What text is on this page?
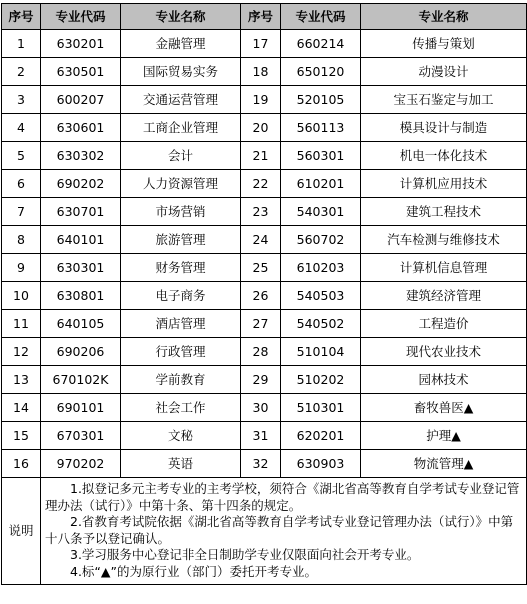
序号	专业代码	专业名称	序号	专业代码	专业名称
1	630201	金融管理	17	660214	传播与策划
2	630501	国际贸易实务	18	650120	动漫设计
3	600207	交通运营管理	19	520105	宝玉石鉴定与加工
4	630601	工商企业管理	20	560113	模具设计与制造
5	630302	会计	21	560301	机电一体化技术
6	690202	人力资源管理	22	610201	计算机应用技术
7	630701	市场营销	23	540301	建筑工程技术
8	640101	旅游管理	24	560702	汽车检测与维修技术
9	630301	财务管理	25	610203	计算机信息管理
10	630801	电子商务	26	540503	建筑经济管理
11	640105	酒店管理	27	540502	工程造价
12	690206	行政管理	28	510104	现代农业技术
13	670102K	学前教育	29	510202	园林技术
14	690101	社会工作	30	510301	畜牧兽医▲
15	670301	文秘	31	620201	护理▲
16	970202	英语	32	630903	物流管理▲
说明	1.拟登记多元主考专业的主考学校，须符合《湖北省高等教育自学考试专业登记管理办法（试行）》中第十条、第十四条的规定。
2.省教育考试院依据《湖北省高等教育自学考试专业登记管理办法（试行）》中第十八条予以登记确认。
3.学习服务中心登记非全日制助学专业仅限面向社会开考专业。
4.标“▲”的为原行业（部门）委托开考专业。				
